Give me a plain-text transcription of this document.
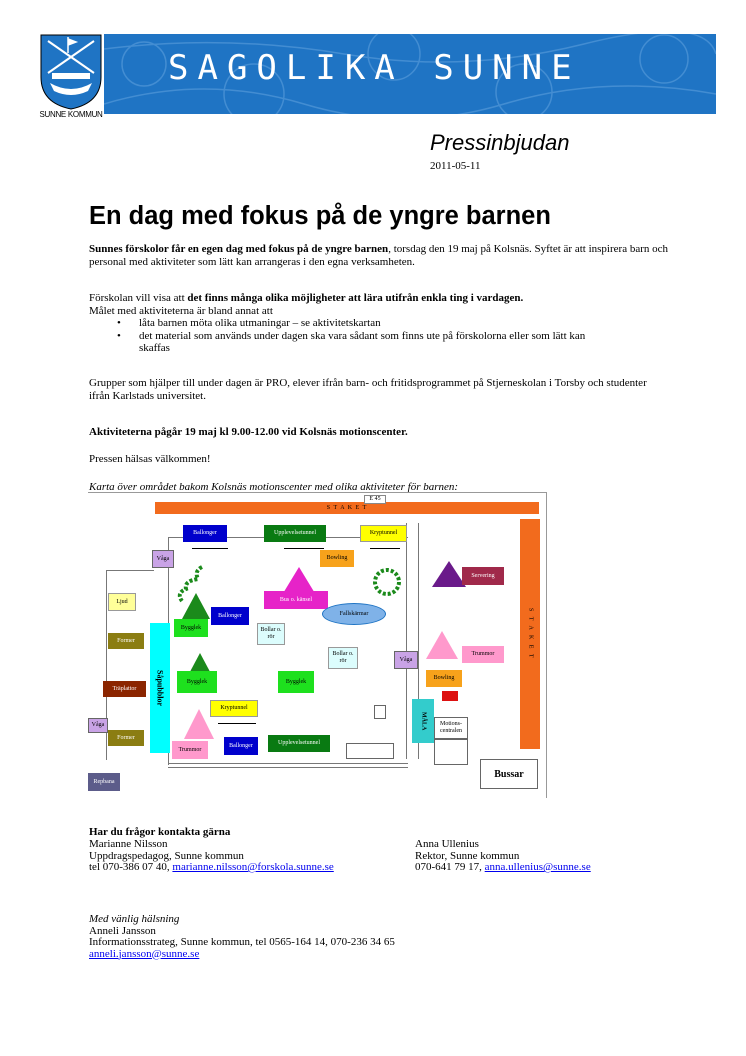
SAGOLIKA SUNNE
SUNNE KOMMUN
Pressinbjudan
2011-05-11
En dag med fokus på de yngre barnen
Sunnes förskolor får en egen dag med fokus på de yngre barnen, torsdag den 19 maj på Kolsnäs. Syftet är att inspirera barn och personal med aktiviteter som lätt kan arrangeras i den egna verksamheten.
Förskolan vill visa att det finns många olika möjligheter att lära utifrån enkla ting i vardagen.
Målet med aktiviteterna är bland annat att
• låta barnen möta olika utmaningar – se aktivitetskartan
• det material som används under dagen ska vara sådant som finns ute på förskolorna eller som lätt kan skaffas
Grupper som hjälper till under dagen är PRO, elever ifrån barn- och fritidsprogrammet på Stjerneskolan i Torsby och studenter ifrån Karlstads universitet.
Aktiviteterna pågår 19 maj kl 9.00-12.00 vid Kolsnäs motionscenter.
Pressen hälsas välkommen!
Karta över området bakom Kolsnäs motionscenter med olika aktiviteter för barnen:
S T A K E T
E 45
S T A K E T
Ballonger	Upplevelsetunnel	Kryptunnel
Våga	Bowling
Servering
Bygglek
Ballonger
Bus o. känsel
Fallskärmar
Bollar o. rör
Bollar o. rör
Ljud
Former
Träplattor
Former
Våga
Repbana
Såpubblor	Bygglek	Bygglek
Våga
Trummor
Bowling
Kryptunnel
Trummor
Ballonger	Upplevelsetunnel
MÅLA	Motions- centralen
Bussar
Har du frågor kontakta gärna
Marianne Nilsson
Uppdragspedagog, Sunne kommun
tel 070-386 07 40, marianne.nilsson@forskola.sunne.se
Anna Ullenius
Rektor, Sunne kommun
070-641 79 17, anna.ullenius@sunne.se
Med vänlig hälsning
Anneli Jansson
Informationsstrateg, Sunne kommun, tel 0565-164 14, 070-236 34 65
anneli.jansson@sunne.se
